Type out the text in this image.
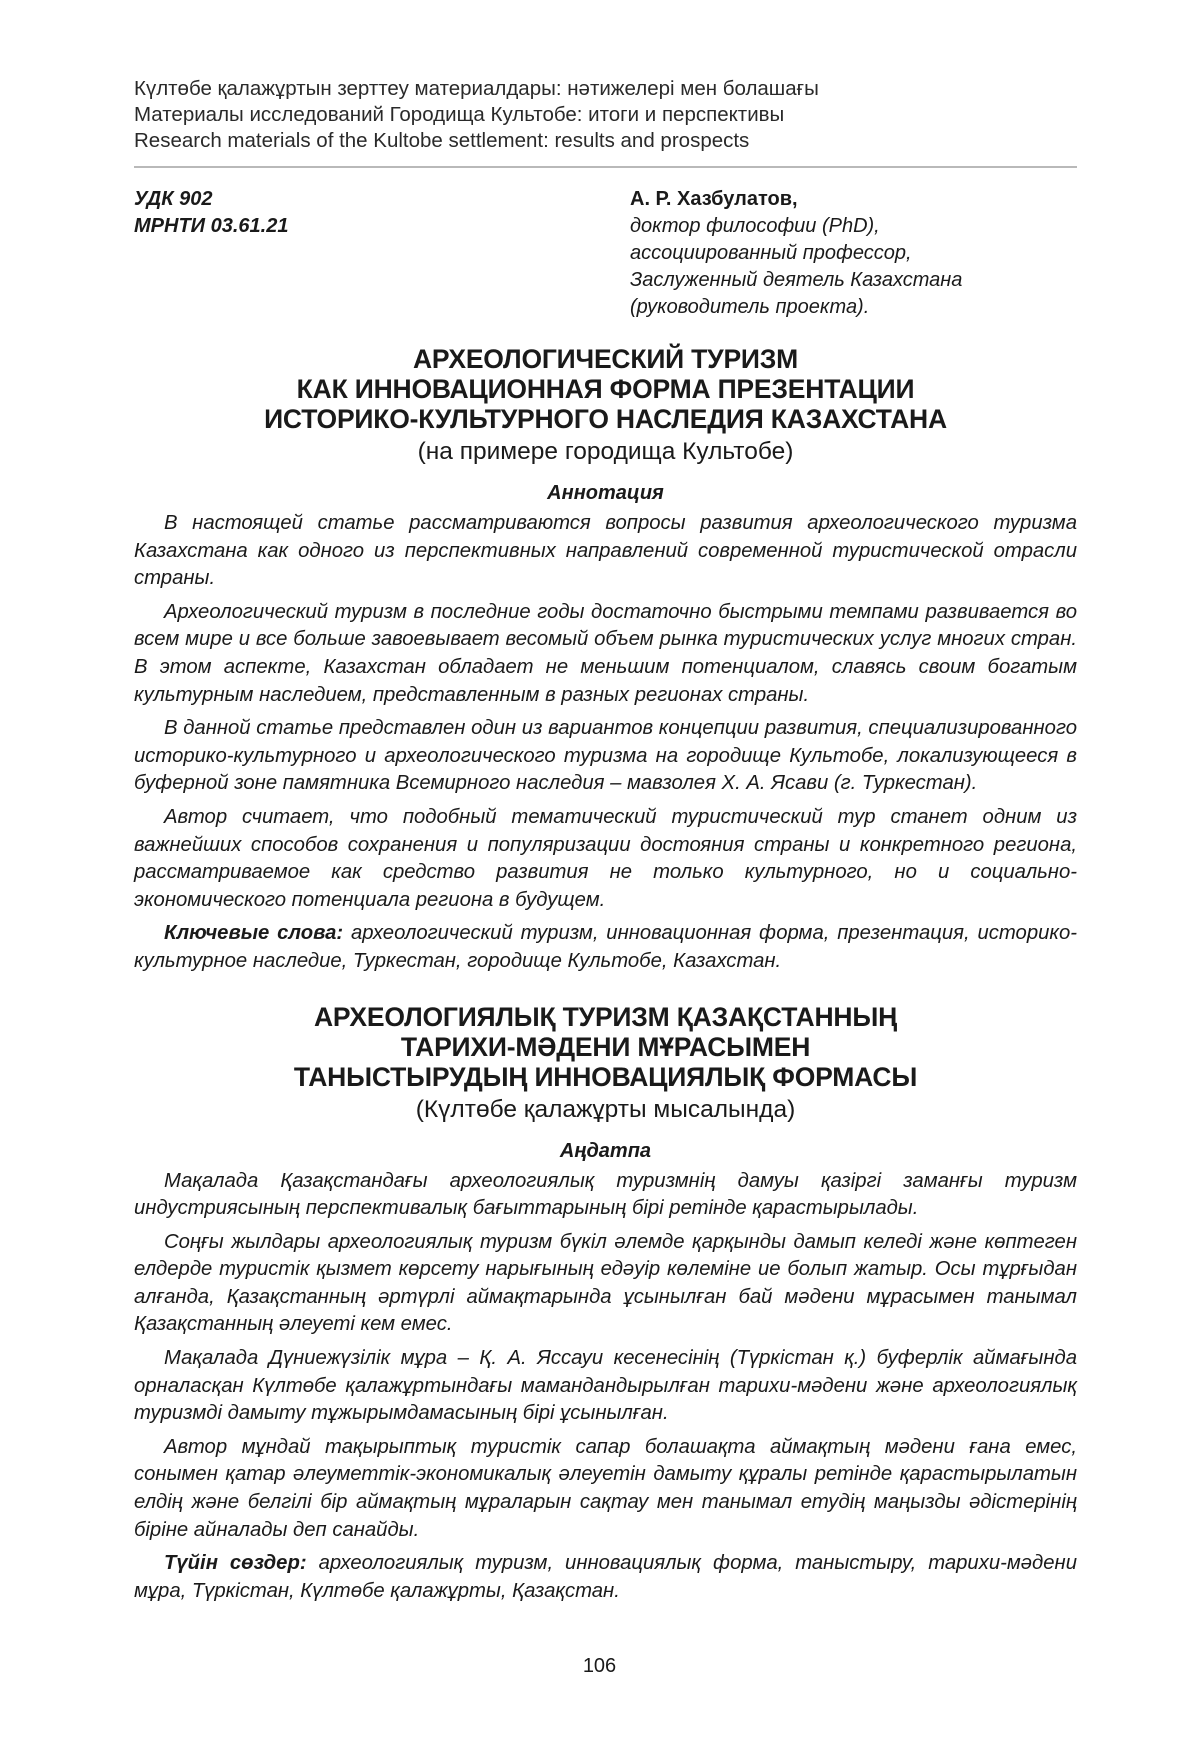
Күлтөбе қалажұртын зерттеу материалдары: нәтижелері мен болашағы
Материалы исследований Городища Культобе: итоги и перспективы
Research materials of the Kultobe settlement: results and prospects
УДК 902
МРНТИ 03.61.21
А. Р. Хазбулатов,
доктор философии (PhD),
ассоциированный профессор,
Заслуженный деятель Казахстана
(руководитель проекта).
АРХЕОЛОГИЧЕСКИЙ ТУРИЗМ
КАК ИННОВАЦИОННАЯ ФОРМА ПРЕЗЕНТАЦИИ
ИСТОРИКО-КУЛЬТУРНОГО НАСЛЕДИЯ КАЗАХСТАНА
(на примере городища Культобе)
Аннотация

В настоящей статье рассматриваются вопросы развития археологического туризма Казахстана как одного из перспективных направлений современной туристической отрасли страны.

Археологический туризм в последние годы достаточно быстрыми темпами развивается во всем мире и все больше завоевывает весомый объем рынка туристических услуг многих стран. В этом аспекте, Казахстан обладает не меньшим потенциалом, славясь своим богатым культурным наследием, представленным в разных регионах страны.

В данной статье представлен один из вариантов концепции развития, специализированного историко-культурного и археологического туризма на городище Культобе, локализующееся в буферной зоне памятника Всемирного наследия – мавзолея Х. А. Ясави (г. Туркестан).

Автор считает, что подобный тематический туристический тур станет одним из важнейших способов сохранения и популяризации достояния страны и конкретного региона, рассматриваемое как средство развития не только культурного, но и социально-экономического потенциала региона в будущем.

Ключевые слова: археологический туризм, инновационная форма, презентация, историко-культурное наследие, Туркестан, городище Культобе, Казахстан.

АРХЕОЛОГИЯЛЫҚ ТУРИЗМ ҚАЗАҚСТАННЫҢ
ТАРИХИ-МӘДЕНИ МҰРАСЫМЕН
ТАНЫСТЫРУДЫҢ ИННОВАЦИЯЛЫҚ ФОРМАСЫ
(Күлтөбе қалажұрты мысалында)
Аңдатпа

Мақалада Қазақстандағы археологиялық туризмнің дамуы қазіргі заманғы туризм индустриясының перспективалық бағыттарының бірі ретінде қарастырылады.

Соңғы жылдары археологиялық туризм бүкіл әлемде қарқынды дамып келеді және көптеген елдерде туристік қызмет көрсету нарығының едәуір көлеміне ие болып жатыр. Осы тұрғыдан алғанда, Қазақстанның әртүрлі аймақтарында ұсынылған бай мәдени мұрасымен танымал Қазақстанның әлеуеті кем емес.

Мақалада Дүниежүзілік мұра – Қ. А. Яссауи кесенесінің (Түркістан қ.) буферлік аймағында орналасқан Күлтөбе қалажұртындағы мамандандырылған тарихи-мәдени және археологиялық туризмді дамыту тұжырымдамасының бірі ұсынылған.

Автор мұндай тақырыптық туристік сапар болашақта аймақтың мәдени ғана емес, сонымен қатар әлеуметтік-экономикалық әлеуетін дамыту құралы ретінде қарастырылатын елдің және белгілі бір аймақтың мұраларын сақтау мен танымал етудің маңызды әдістерінің біріне айналады деп санайды.

Түйін сөздер: археологиялық туризм, инновациялық форма, таныстыру, тарихи-мәдени мұра, Түркістан, Күлтөбе қалажұрты, Қазақстан.

106
